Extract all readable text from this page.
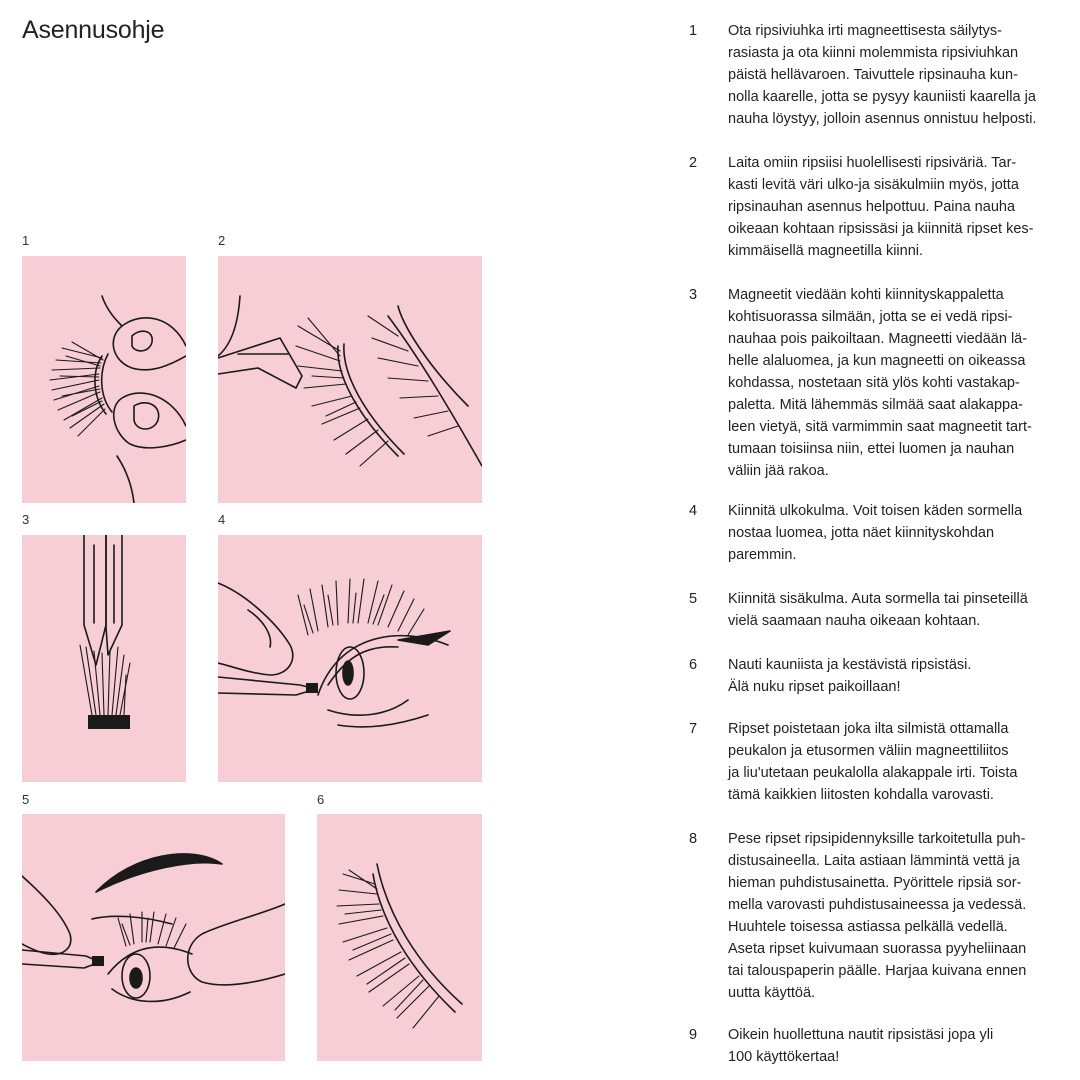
Asennusohje
1	2
3	4
5	6
1	Ota ripsiviuhka irti magneettisesta säilytys-
rasiasta ja ota kiinni molemmista ripsiviuhkan
päistä hellävaroen. Taivuttele ripsinauha kun-
nolla kaarelle, jotta se pysyy kauniisti kaarella ja
nauha löystyy, jolloin asennus onnistuu helposti.
2	Laita omiin ripsiisi huolellisesti ripsiväriä. Tar-
kasti levitä väri ulko-ja sisäkulmiin myös, jotta
ripsinauhan asennus helpottuu. Paina nauha
oikeaan kohtaan ripsissäsi ja kiinnitä ripset kes-
kimmäisellä magneetilla kiinni.
3	Magneetit viedään kohti kiinnityskappaletta
kohtisuorassa silmään, jotta se ei vedä ripsi-
nauhaa pois paikoiltaan. Magneetti viedään lä-
helle alaluomea, ja kun magneetti on oikeassa
kohdassa, nostetaan sitä ylös kohti vastakap-
paletta. Mitä lähemmäs silmää saat alakappa-
leen vietyä, sitä varmimmin saat magneetit tart-
tumaan toisiinsa niin, ettei luomen ja nauhan
väliin jää rakoa.
4	Kiinnitä ulkokulma. Voit toisen käden sormella
nostaa luomea, jotta näet kiinnityskohdan
paremmin.
5	Kiinnitä sisäkulma. Auta sormella tai pinseteillä
vielä saamaan nauha oikeaan kohtaan.
6	Nauti kauniista ja kestävistä ripsistäsi.
Älä nuku ripset paikoillaan!
7	Ripset poistetaan joka ilta silmistä ottamalla
peukalon ja etusormen väliin magneettiliitos
ja liu'utetaan peukalolla alakappale irti. Toista
tämä kaikkien liitosten kohdalla varovasti.
8	Pese ripset ripsipidennyksille tarkoitetulla puh-
distusaineella. Laita astiaan lämmintä vettä ja
hieman puhdistusainetta. Pyörittele ripsiä sor-
mella varovasti puhdistusaineessa ja vedessä.
Huuhtele toisessa astiassa pelkällä vedellä.
Aseta ripset kuivumaan suorassa pyyheliinaan
tai talouspaperin päälle. Harjaa kuivana ennen
uutta käyttöä.
9	Oikein huollettuna nautit ripsistäsi jopa yli
100 käyttökertaa!
